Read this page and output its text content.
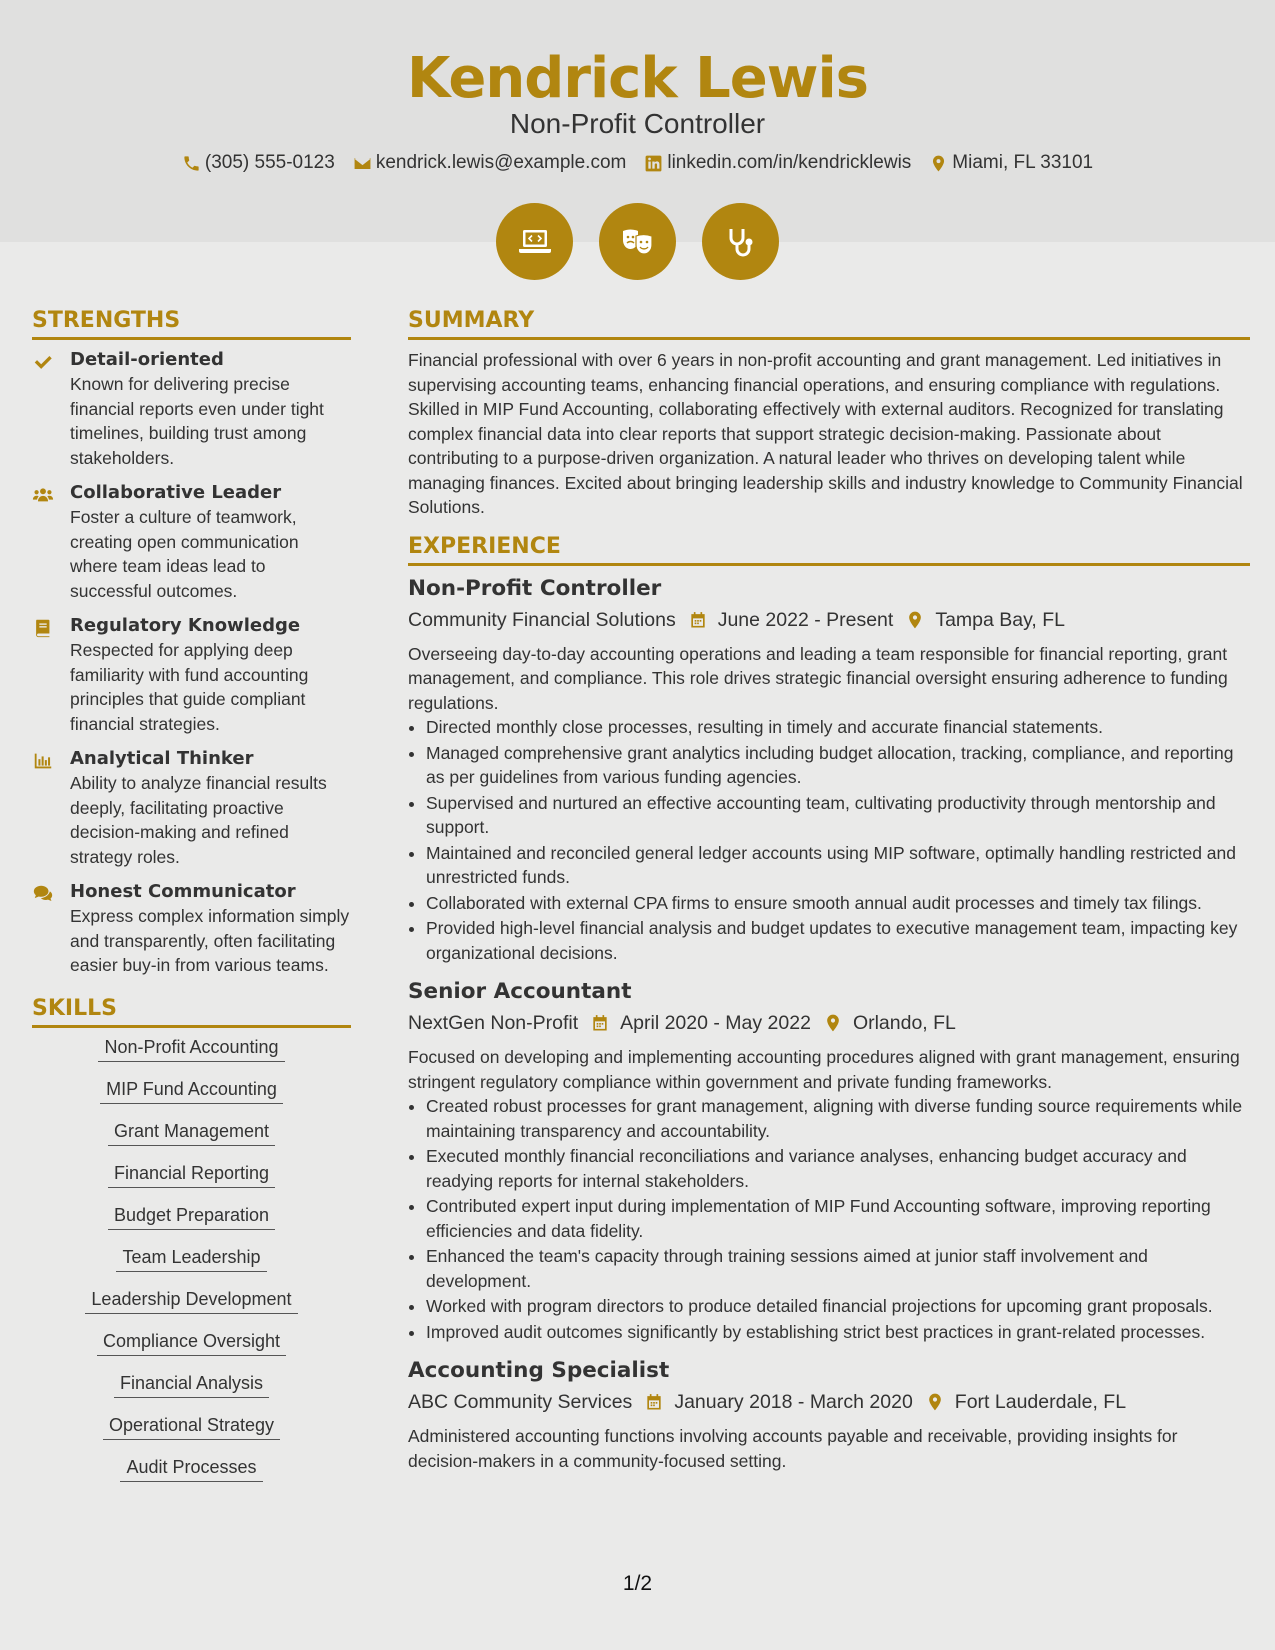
Kendrick Lewis
Non-Profit Controller
(305) 555-0123 kendrick.lewis@example.com linkedin.com/in/kendricklewis Miami, FL 33101
STRENGTHS
Detail-oriented
Known for delivering precise financial reports even under tight timelines, building trust among stakeholders.
Collaborative Leader
Foster a culture of teamwork, creating open communication where team ideas lead to successful outcomes.
Regulatory Knowledge
Respected for applying deep familiarity with fund accounting principles that guide compliant financial strategies.
Analytical Thinker
Ability to analyze financial results deeply, facilitating proactive decision-making and refined strategy roles.
Honest Communicator
Express complex information simply and transparently, often facilitating easier buy-in from various teams.
SKILLS
Non-Profit Accounting
MIP Fund Accounting
Grant Management
Financial Reporting
Budget Preparation
Team Leadership
Leadership Development
Compliance Oversight
Financial Analysis
Operational Strategy
Audit Processes
SUMMARY

Financial professional with over 6 years in non-profit accounting and grant management. Led initiatives in supervising accounting teams, enhancing financial operations, and ensuring compliance with regulations. Skilled in MIP Fund Accounting, collaborating effectively with external auditors. Recognized for translating complex financial data into clear reports that support strategic decision-making. Passionate about contributing to a purpose-driven organization. A natural leader who thrives on developing talent while managing finances. Excited about bringing leadership skills and industry knowledge to Community Financial Solutions.

EXPERIENCE
Non-Profit Controller
Community Financial Solutions June 2022 - Present Tampa Bay, FL

Overseeing day-to-day accounting operations and leading a team responsible for financial reporting, grant management, and compliance. This role drives strategic financial oversight ensuring adherence to funding regulations.

• Directed monthly close processes, resulting in timely and accurate financial statements.
• Managed comprehensive grant analytics including budget allocation, tracking, compliance, and reporting as per guidelines from various funding agencies.
• Supervised and nurtured an effective accounting team, cultivating productivity through mentorship and support.
• Maintained and reconciled general ledger accounts using MIP software, optimally handling restricted and unrestricted funds.
• Collaborated with external CPA firms to ensure smooth annual audit processes and timely tax filings.
• Provided high-level financial analysis and budget updates to executive management team, impacting key organizational decisions.
Senior Accountant
NextGen Non-Profit April 2020 - May 2022 Orlando, FL

Focused on developing and implementing accounting procedures aligned with grant management, ensuring stringent regulatory compliance within government and private funding frameworks.

• Created robust processes for grant management, aligning with diverse funding source requirements while maintaining transparency and accountability.
• Executed monthly financial reconciliations and variance analyses, enhancing budget accuracy and readying reports for internal stakeholders.
• Contributed expert input during implementation of MIP Fund Accounting software, improving reporting efficiencies and data fidelity.
• Enhanced the team's capacity through training sessions aimed at junior staff involvement and development.
• Worked with program directors to produce detailed financial projections for upcoming grant proposals.
• Improved audit outcomes significantly by establishing strict best practices in grant-related processes.
Accounting Specialist
ABC Community Services January 2018 - March 2020 Fort Lauderdale, FL

Administered accounting functions involving accounts payable and receivable, providing insights for decision-makers in a community-focused setting.

1/2
